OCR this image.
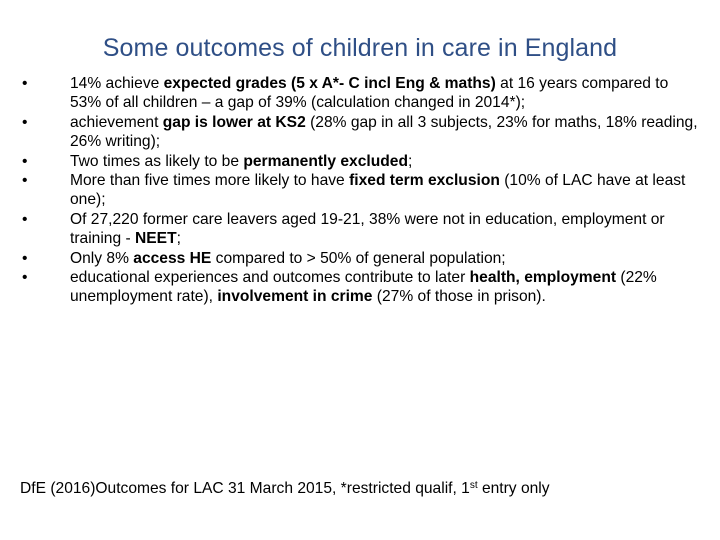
Some outcomes of children in care in England
•	14% achieve expected grades (5 x A*- C incl Eng & maths) at 16 years compared to 53% of all children – a gap of 39% (calculation changed in 2014*);
•	achievement gap is lower at KS2 (28% gap in all 3 subjects, 23% for maths, 18% reading, 26% writing);
•	Two times as likely to be permanently excluded;
•	More than five times more likely to have fixed term exclusion (10% of LAC have at least one);
•	Of 27,220 former care leavers aged 19-21, 38% were not in education, employment or training - NEET;
•	Only 8% access HE compared to > 50% of general population;
•	educational experiences and outcomes contribute to later health, employment (22% unemployment rate), involvement in crime (27% of those in prison).
DfE (2016)Outcomes for LAC 31 March 2015, *restricted qualif, 1st entry only
